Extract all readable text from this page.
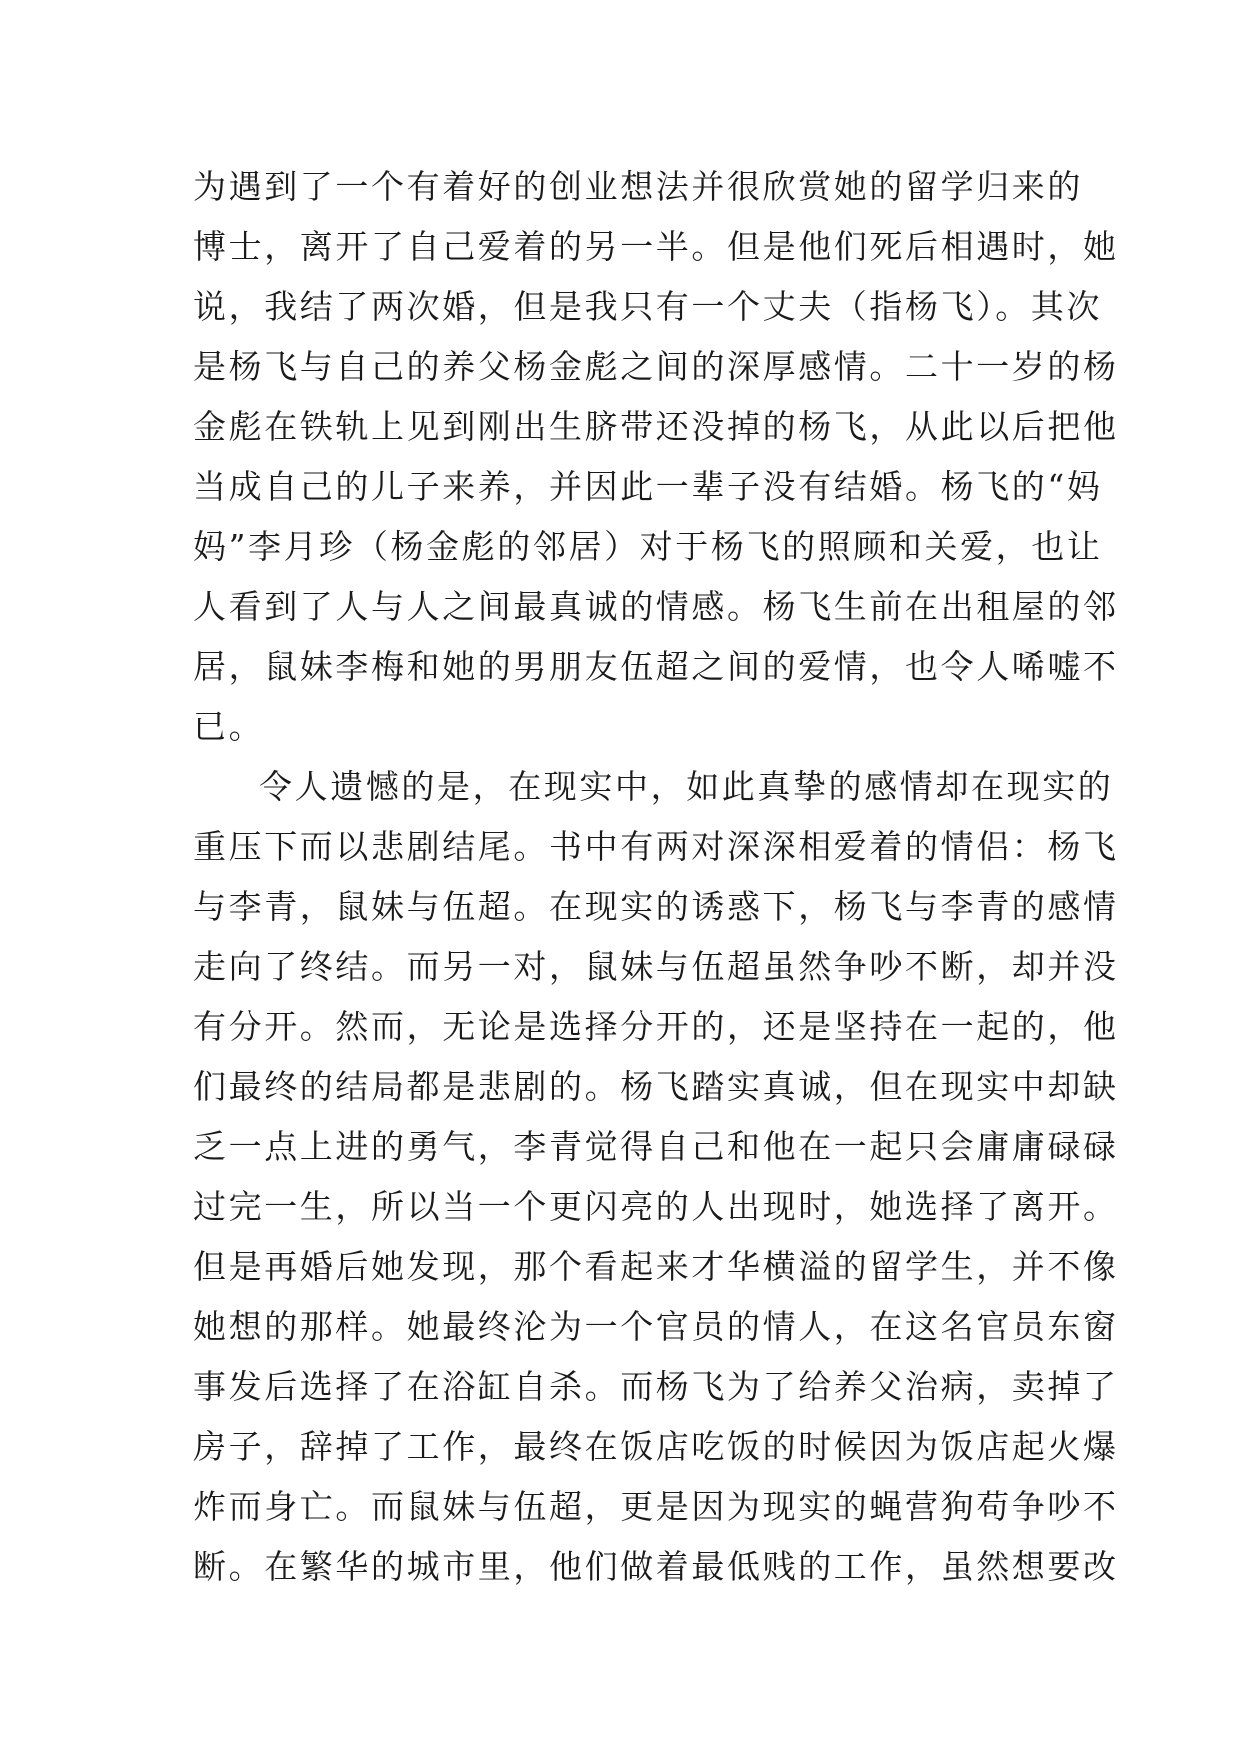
为遇到了一个有着好的创业想法并很欣赏她的留学归来的
博士，离开了自己爱着的另一半。但是他们死后相遇时，她
说，我结了两次婚，但是我只有一个丈夫（指杨飞）。其次
是杨飞与自己的养父杨金彪之间的深厚感情。二十一岁的杨
金彪在铁轨上见到刚出生脐带还没掉的杨飞，从此以后把他
当成自己的儿子来养，并因此一辈子没有结婚。杨飞的“妈
妈”李月珍（杨金彪的邻居）对于杨飞的照顾和关爱，也让
人看到了人与人之间最真诚的情感。杨飞生前在出租屋的邻
居，鼠妹李梅和她的男朋友伍超之间的爱情，也令人唏嘘不
已。
令人遗憾的是，在现实中，如此真挚的感情却在现实的
重压下而以悲剧结尾。书中有两对深深相爱着的情侣：杨飞
与李青，鼠妹与伍超。在现实的诱惑下，杨飞与李青的感情
走向了终结。而另一对，鼠妹与伍超虽然争吵不断，却并没
有分开。然而，无论是选择分开的，还是坚持在一起的，他
们最终的结局都是悲剧的。杨飞踏实真诚，但在现实中却缺
乏一点上进的勇气，李青觉得自己和他在一起只会庸庸碌碌
过完一生，所以当一个更闪亮的人出现时，她选择了离开。
但是再婚后她发现，那个看起来才华横溢的留学生，并不像
她想的那样。她最终沦为一个官员的情人，在这名官员东窗
事发后选择了在浴缸自杀。而杨飞为了给养父治病，卖掉了
房子，辞掉了工作，最终在饭店吃饭的时候因为饭店起火爆
炸而身亡。而鼠妹与伍超，更是因为现实的蝇营狗苟争吵不
断。在繁华的城市里，他们做着最低贱的工作，虽然想要改
